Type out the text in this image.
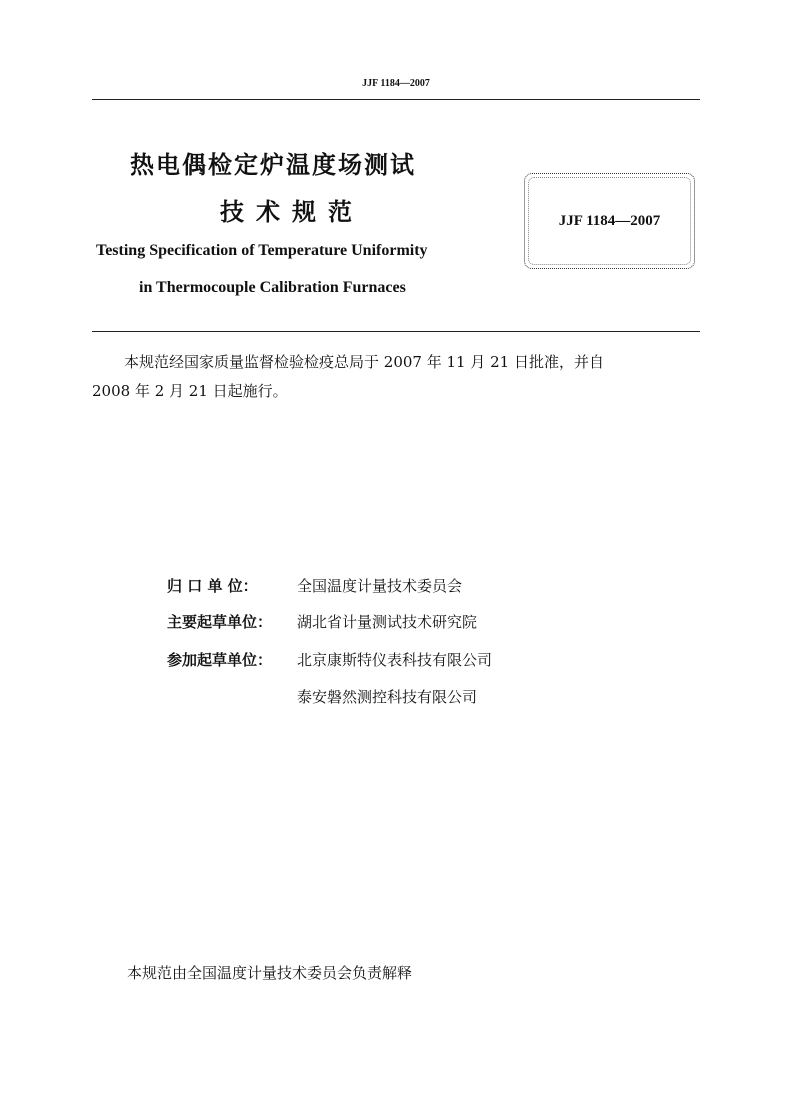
JJF 1184—2007
热电偶检定炉温度场测试
技术规范
Testing Specification of Temperature Uniformity
in Thermocouple Calibration Furnaces
JJF 1184—2007

本规范经国家质量监督检验检疫总局于 2007 年 11 月 21 日批准，并自

2008 年 2 月 21 日起施行。

归 口 单 位：	全国温度计量技术委员会
主要起草单位： 湖北省计量测试技术研究院
参加起草单位： 北京康斯特仪表科技有限公司
泰安磐然测控科技有限公司
本规范由全国温度计量技术委员会负责解释
